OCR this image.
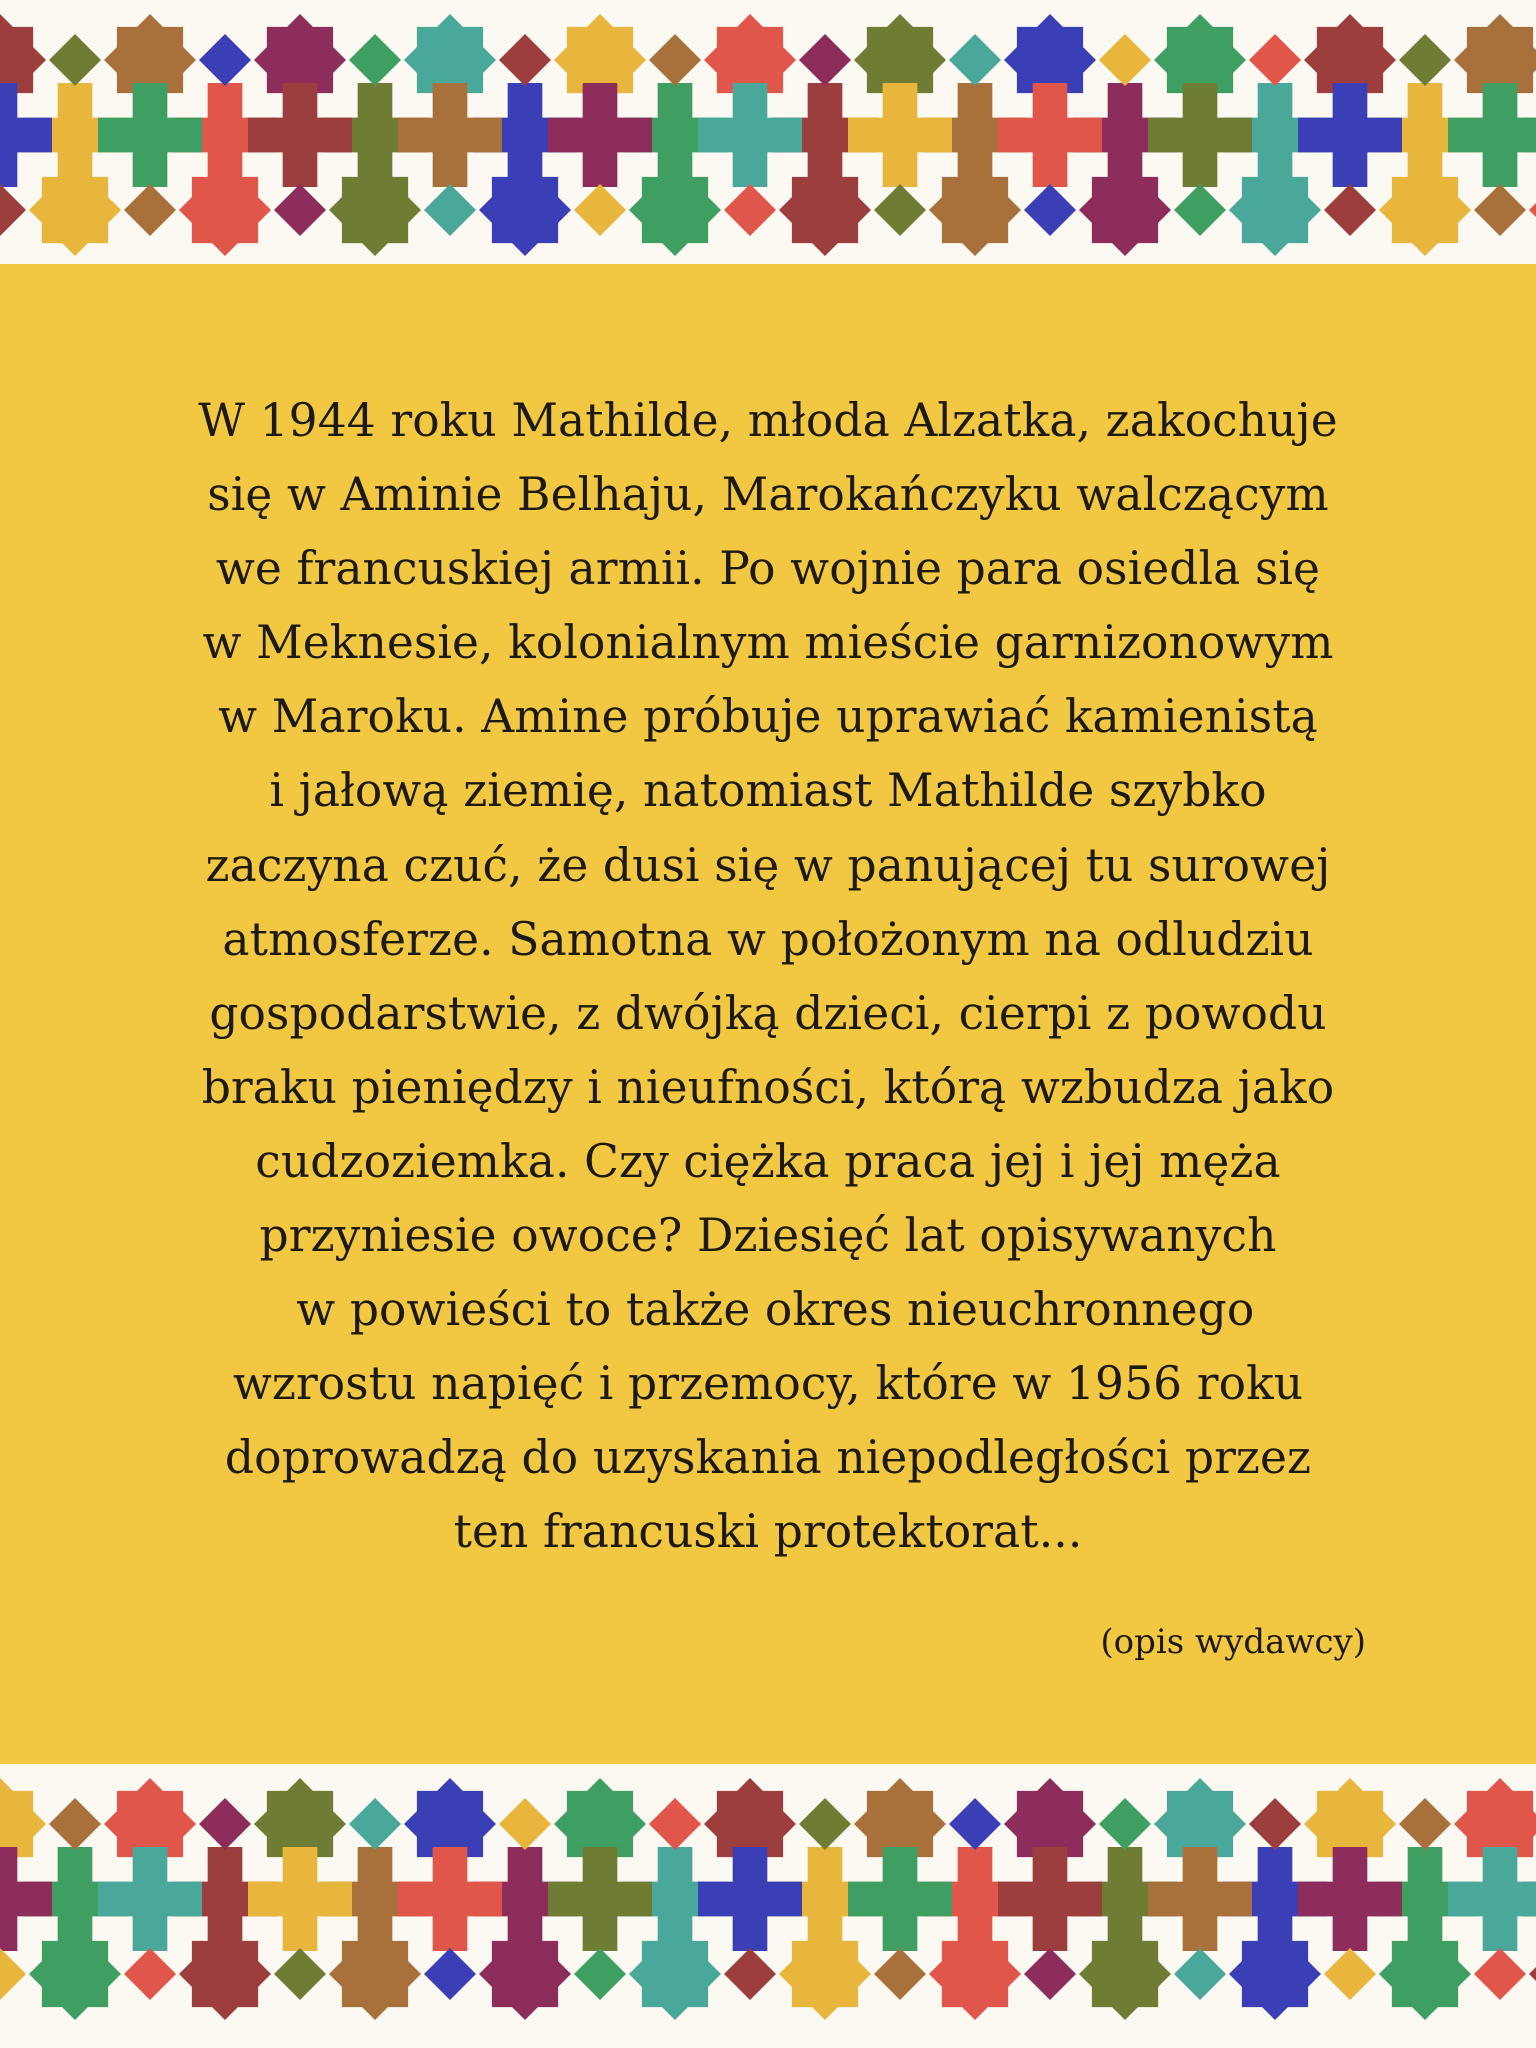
W 1944 roku Mathilde, młoda Alzatka, zakochuje
się w Aminie Belhaju, Marokańczyku walczącym
we francuskiej armii. Po wojnie para osiedla się
w Meknesie, kolonialnym mieście garnizonowym
w Maroku. Amine próbuje uprawiać kamienistą
i jałową ziemię, natomiast Mathilde szybko
zaczyna czuć, że dusi się w panującej tu surowej
atmosferze. Samotna w położonym na odludziu
gospodarstwie, z dwójką dzieci, cierpi z powodu
braku pieniędzy i nieufności, którą wzbudza jako
cudzoziemka. Czy ciężka praca jej i jej męża
przyniesie owoce? Dziesięć lat opisywanych
w powieści to także okres nieuchronnego
wzrostu napięć i przemocy, które w 1956 roku
doprowadzą do uzyskania niepodległości przez
ten francuski protektorat...

(opis wydawcy)
